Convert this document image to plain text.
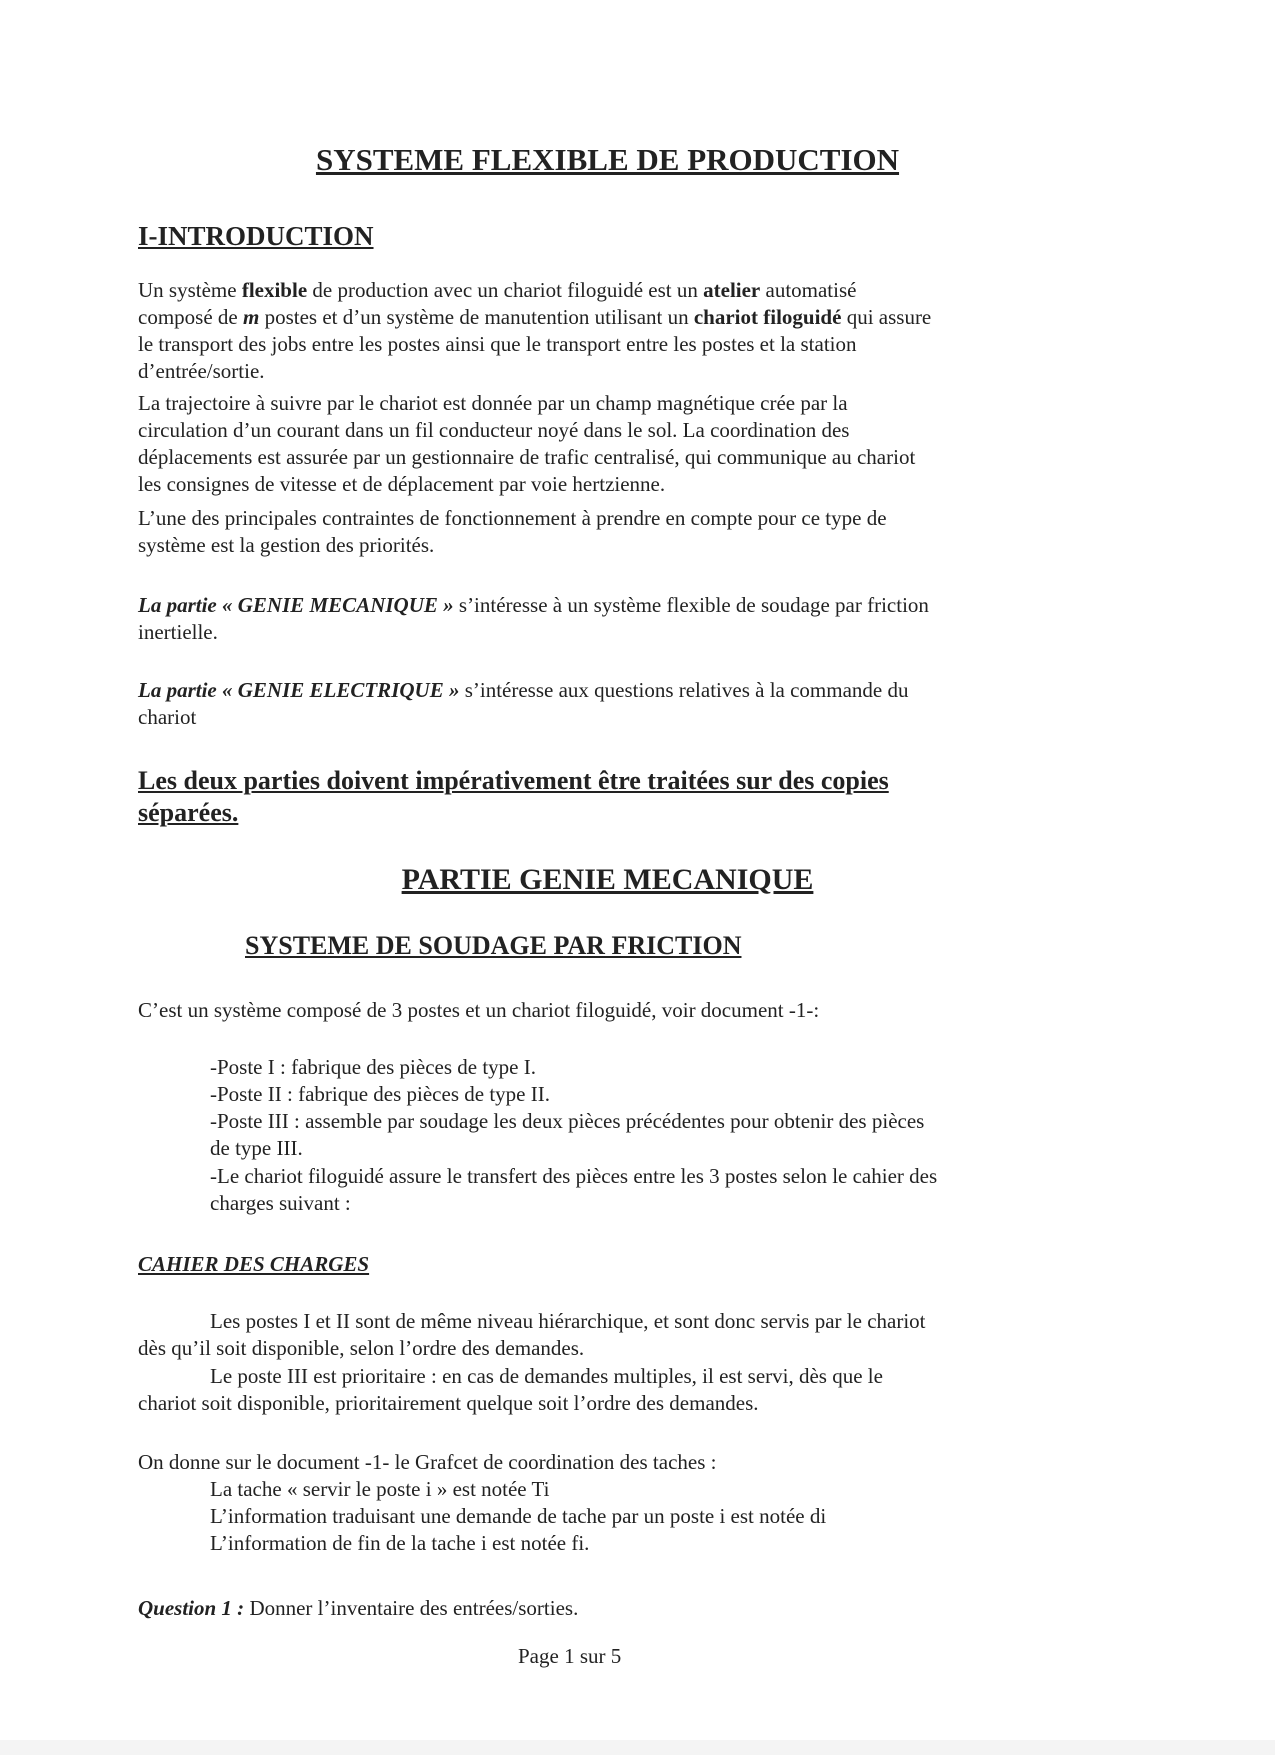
SYSTEME FLEXIBLE DE PRODUCTION
I-INTRODUCTION
Un système flexible de production avec un chariot filoguidé est un atelier automatisé
composé de m postes et d’un système de manutention utilisant un chariot filoguidé qui assure
le transport des jobs entre les postes ainsi que le transport entre les postes et la station
d’entrée/sortie.
La trajectoire à suivre par le chariot est donnée par un champ magnétique crée par la
circulation d’un courant dans un fil conducteur noyé dans le sol. La coordination des
déplacements est assurée par un gestionnaire de trafic centralisé, qui communique au chariot
les consignes de vitesse et de déplacement par voie hertzienne.
L’une des principales contraintes de fonctionnement à prendre en compte pour ce type de
système est la gestion des priorités.
La partie « GENIE MECANIQUE » s’intéresse à un système flexible de soudage par friction
inertielle.
La partie « GENIE ELECTRIQUE » s’intéresse aux questions relatives à la commande du
chariot
Les deux parties doivent impérativement être traitées sur des copies
séparées.
PARTIE GENIE MECANIQUE
SYSTEME DE SOUDAGE PAR FRICTION
C’est un système composé de 3 postes et un chariot filoguidé, voir document -1-:
-Poste I : fabrique des pièces de type I.
-Poste II : fabrique des pièces de type II.
-Poste III : assemble par soudage les deux pièces précédentes pour obtenir des pièces
de type III.
-Le chariot filoguidé assure le transfert des pièces entre les 3 postes selon le cahier des
charges suivant :
CAHIER DES CHARGES
Les postes I et II sont de même niveau hiérarchique, et sont donc servis par le chariot
dès qu’il soit disponible, selon l’ordre des demandes.
Le poste III est prioritaire : en cas de demandes multiples, il est servi, dès que le
chariot soit disponible, prioritairement quelque soit l’ordre des demandes.
On donne sur le document -1- le Grafcet de coordination des taches :
La tache « servir le poste i » est notée Ti
L’information traduisant une demande de tache par un poste i est notée di
L’information de fin de la tache i est notée fi.
Question 1 : Donner l’inventaire des entrées/sorties.
Page 1 sur 5
